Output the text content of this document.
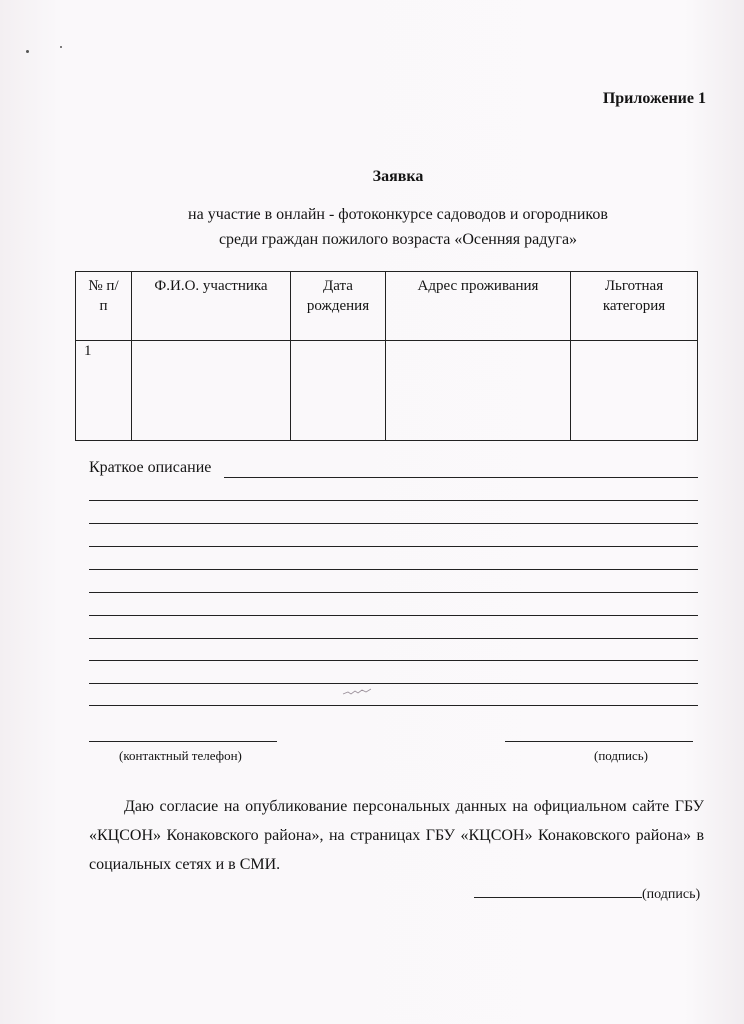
Приложение 1
Заявка
на участие в онлайн - фотоконкурсе садоводов и огородников
среди граждан пожилого возраста «Осенняя радуга»
№ п/п	Ф.И.О. участника	Дата рождения	Адрес проживания	Льготная категория

1				
Краткое описание
(контактный телефон)	(подпись)
Даю согласие на опубликование персональных данных на официальном сайте ГБУ «КЦСОН» Конаковского района», на страницах ГБУ «КЦСОН» Конаковского района» в социальных сетях и в СМИ.
(подпись)
